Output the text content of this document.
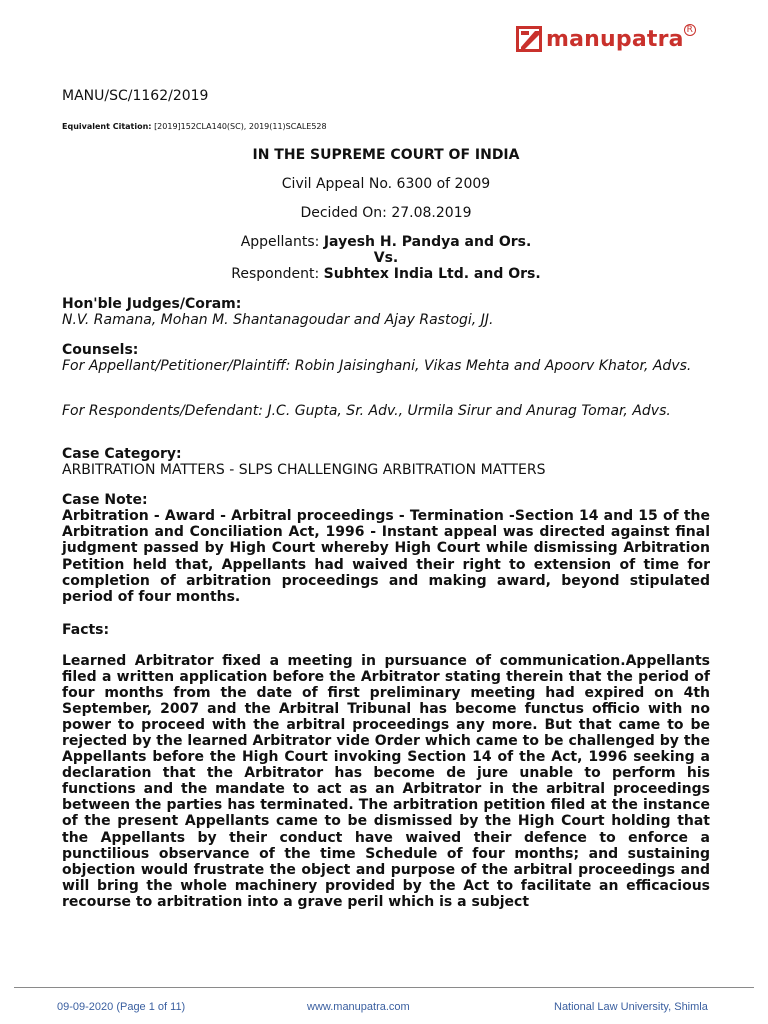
manupatra R
MANU/SC/1162/2019
Equivalent Citation: [2019]152CLA140(SC), 2019(11)SCALE528
IN THE SUPREME COURT OF INDIA
Civil Appeal No. 6300 of 2009
Decided On: 27.08.2019
Appellants: Jayesh H. Pandya and Ors.
Vs.
Respondent: Subhtex India Ltd. and Ors.
Hon'ble Judges/Coram:
N.V. Ramana, Mohan M. Shantanagoudar and Ajay Rastogi, JJ.
Counsels:
For Appellant/Petitioner/Plaintiff: Robin Jaisinghani, Vikas Mehta and Apoorv Khator, Advs.
For Respondents/Defendant: J.C. Gupta, Sr. Adv., Urmila Sirur and Anurag Tomar, Advs.
Case Category:
ARBITRATION MATTERS - SLPS CHALLENGING ARBITRATION MATTERS
Case Note:
Arbitration - Award - Arbitral proceedings - Termination -Section 14 and 15 of the Arbitration and Conciliation Act, 1996 - Instant appeal was directed against final judgment passed by High Court whereby High Court while dismissing Arbitration Petition held that, Appellants had waived their right to extension of time for completion of arbitration proceedings and making award, beyond stipulated period of four months.
Facts:
Learned Arbitrator fixed a meeting in pursuance of communication.Appellants filed a written application before the Arbitrator stating therein that the period of four months from the date of first preliminary meeting had expired on 4th September, 2007 and the Arbitral Tribunal has become functus officio with no power to proceed with the arbitral proceedings any more. But that came to be rejected by the learned Arbitrator vide Order which came to be challenged by the Appellants before the High Court invoking Section 14 of the Act, 1996 seeking a declaration that the Arbitrator has become de jure unable to perform his functions and the mandate to act as an Arbitrator in the arbitral proceedings between the parties has terminated. The arbitration petition filed at the instance of the present Appellants came to be dismissed by the High Court holding that the Appellants by their conduct have waived their defence to enforce a punctilious observance of the time Schedule of four months; and sustaining objection would frustrate the object and purpose of the arbitral proceedings and will bring the whole machinery provided by the Act to facilitate an efficacious recourse to arbitration into a grave peril which is a subject
09-09-2020 (Page 1 of 11)	www.manupatra.com	National Law University, Shimla
